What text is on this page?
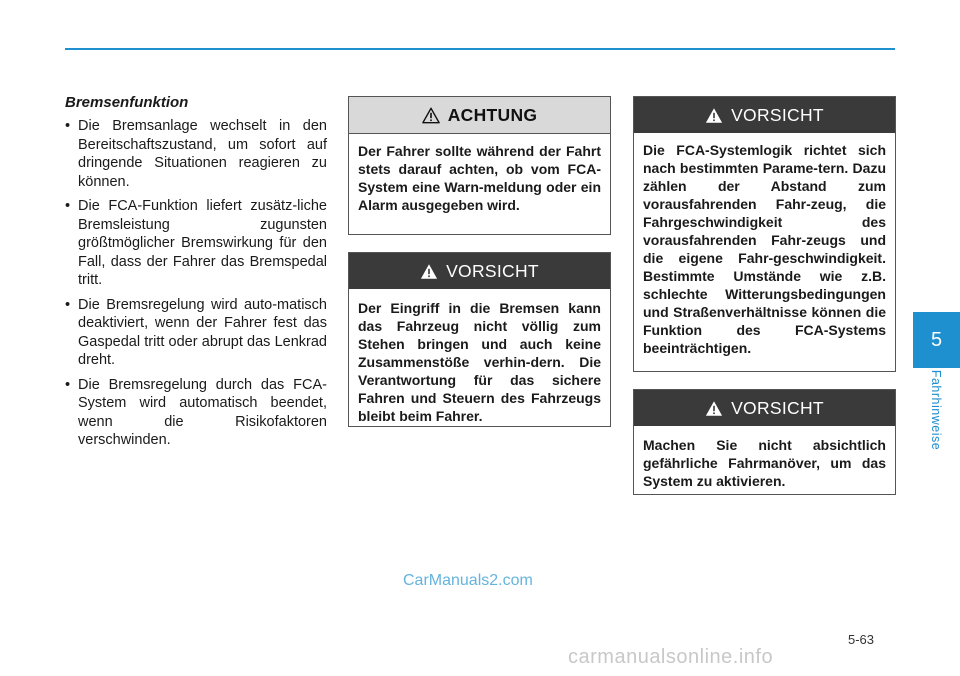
Bremsenfunktion
• Die Bremsanlage wechselt in den Bereitschaftszustand, um sofort auf dringende Situationen reagieren zu können.
• Die FCA-Funktion liefert zusätz-liche Bremsleistung zugunsten größtmöglicher Bremswirkung für den Fall, dass der Fahrer das Bremspedal tritt.
• Die Bremsregelung wird auto-matisch deaktiviert, wenn der Fahrer fest das Gaspedal tritt oder abrupt das Lenkrad dreht.
• Die Bremsregelung durch das FCA-System wird automatisch beendet, wenn die Risikofaktoren verschwinden.
ACHTUNG
Der Fahrer sollte während der Fahrt stets darauf achten, ob vom FCA-System eine Warn-meldung oder ein Alarm ausgegeben wird.
VORSICHT
Der Eingriff in die Bremsen kann das Fahrzeug nicht völlig zum Stehen bringen und auch keine Zusammenstöße verhin-dern. Die Verantwortung für das sichere Fahren und Steuern des Fahrzeugs bleibt beim Fahrer.
VORSICHT
Die FCA-Systemlogik richtet sich nach bestimmten Parame-tern. Dazu zählen der Abstand zum vorausfahrenden Fahr-zeug, die Fahrgeschwindigkeit des vorausfahrenden Fahr-zeugs und die eigene Fahr-geschwindigkeit. Bestimmte Umstände wie z.B. schlechte Witterungsbedingungen und Straßenverhältnisse können die Funktion des FCA-Systems beeinträchtigen.
VORSICHT
Machen Sie nicht absichtlich gefährliche Fahrmanöver, um das System zu aktivieren.
5
Fahrhinweise
5-63
CarManuals2.com
carmanualsonline.info
